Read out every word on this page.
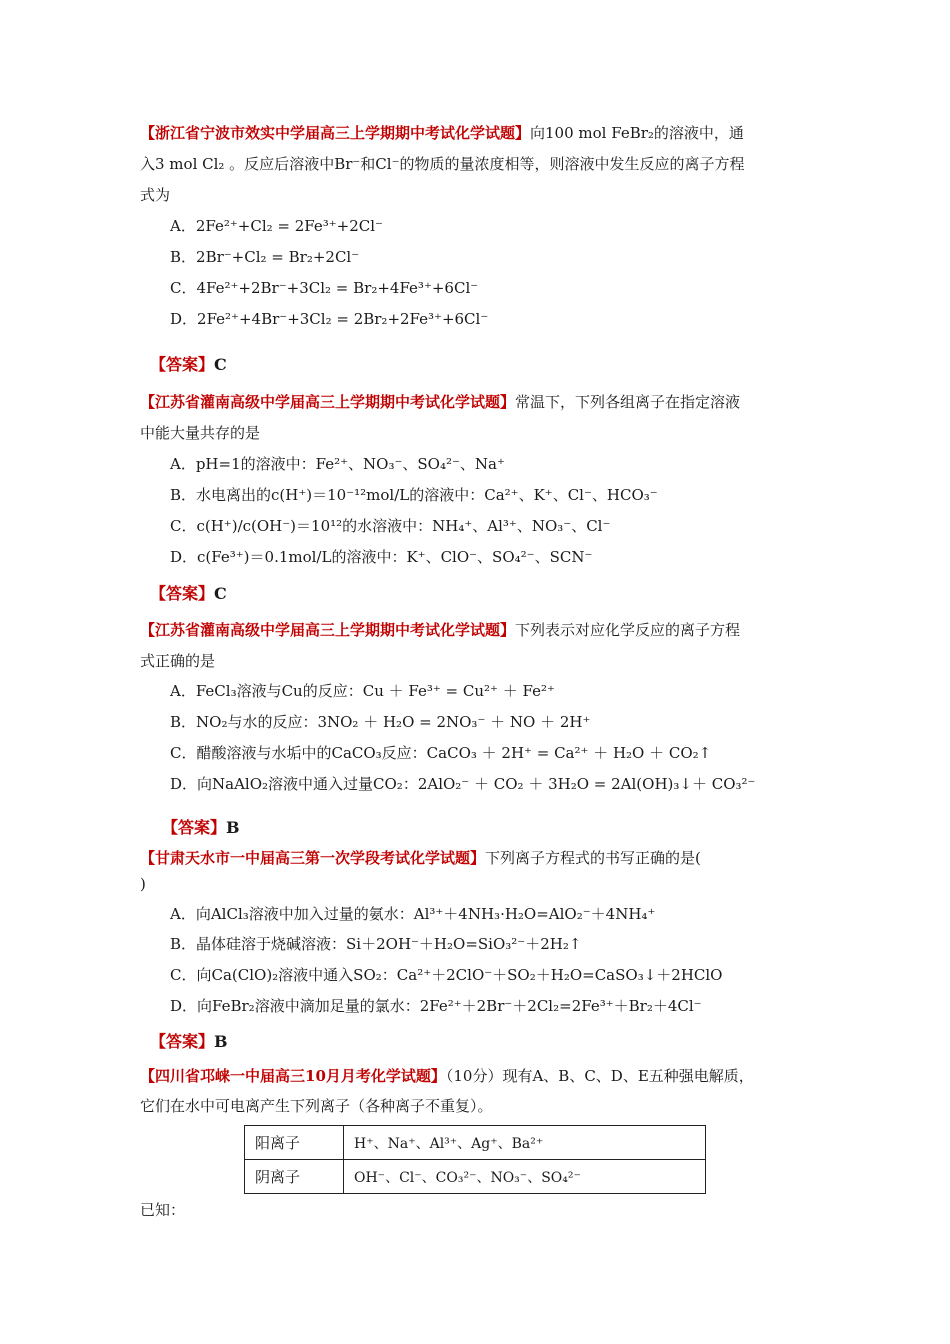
【浙江省宁波市效实中学届高三上学期期中考试化学试题】向100 mol FeBr₂的溶液中，通
入3 mol Cl₂ 。反应后溶液中Br⁻和Cl⁻的物质的量浓度相等，则溶液中发生反应的离子方程
式为
A．2Fe²⁺+Cl₂ = 2Fe³⁺+2Cl⁻
B．2Br⁻+Cl₂ = Br₂+2Cl⁻
C．4Fe²⁺+2Br⁻+3Cl₂ = Br₂+4Fe³⁺+6Cl⁻
D．2Fe²⁺+4Br⁻+3Cl₂ = 2Br₂+2Fe³⁺+6Cl⁻
【答案】C
【江苏省灌南高级中学届高三上学期期中考试化学试题】常温下，下列各组离子在指定溶液
中能大量共存的是
A．pH=1的溶液中：Fe²⁺、NO₃⁻、SO₄²⁻、Na⁺
B．水电离出的c(H⁺)＝10⁻¹²mol/L的溶液中：Ca²⁺、K⁺、Cl⁻、HCO₃⁻
C．c(H⁺)/c(OH⁻)＝10¹²的水溶液中：NH₄⁺、Al³⁺、NO₃⁻、Cl⁻
D．c(Fe³⁺)＝0.1mol/L的溶液中：K⁺、ClO⁻、SO₄²⁻、SCN⁻
【答案】C
【江苏省灌南高级中学届高三上学期期中考试化学试题】下列表示对应化学反应的离子方程
式正确的是
A．FeCl₃溶液与Cu的反应：Cu ＋ Fe³⁺ = Cu²⁺ ＋ Fe²⁺
B．NO₂与水的反应：3NO₂ ＋ H₂O = 2NO₃⁻ ＋ NO ＋ 2H⁺
C．醋酸溶液与水垢中的CaCO₃反应：CaCO₃ ＋ 2H⁺ = Ca²⁺ ＋ H₂O ＋ CO₂↑
D．向NaAlO₂溶液中通入过量CO₂：2AlO₂⁻ ＋ CO₂ ＋ 3H₂O = 2Al(OH)₃↓＋ CO₃²⁻
【答案】B
【甘肃天水市一中届高三第一次学段考试化学试题】下列离子方程式的书写正确的是(
)
A．向AlCl₃溶液中加入过量的氨水：Al³⁺＋4NH₃·H₂O=AlO₂⁻＋4NH₄⁺
B．晶体硅溶于烧碱溶液：Si＋2OH⁻＋H₂O=SiO₃²⁻＋2H₂↑
C．向Ca(ClO)₂溶液中通入SO₂：Ca²⁺＋2ClO⁻＋SO₂＋H₂O=CaSO₃↓＋2HClO
D．向FeBr₂溶液中滴加足量的氯水：2Fe²⁺＋2Br⁻＋2Cl₂=2Fe³⁺＋Br₂＋4Cl⁻
【答案】B
【四川省邛崃一中届高三10月月考化学试题】（10分）现有A、B、C、D、E五种强电解质，
它们在水中可电离产生下列离子（各种离子不重复）。
阳离子	H⁺、Na⁺、Al³⁺、Ag⁺、Ba²⁺
阴离子	OH⁻、Cl⁻、CO₃²⁻、NO₃⁻、SO₄²⁻
已知：
